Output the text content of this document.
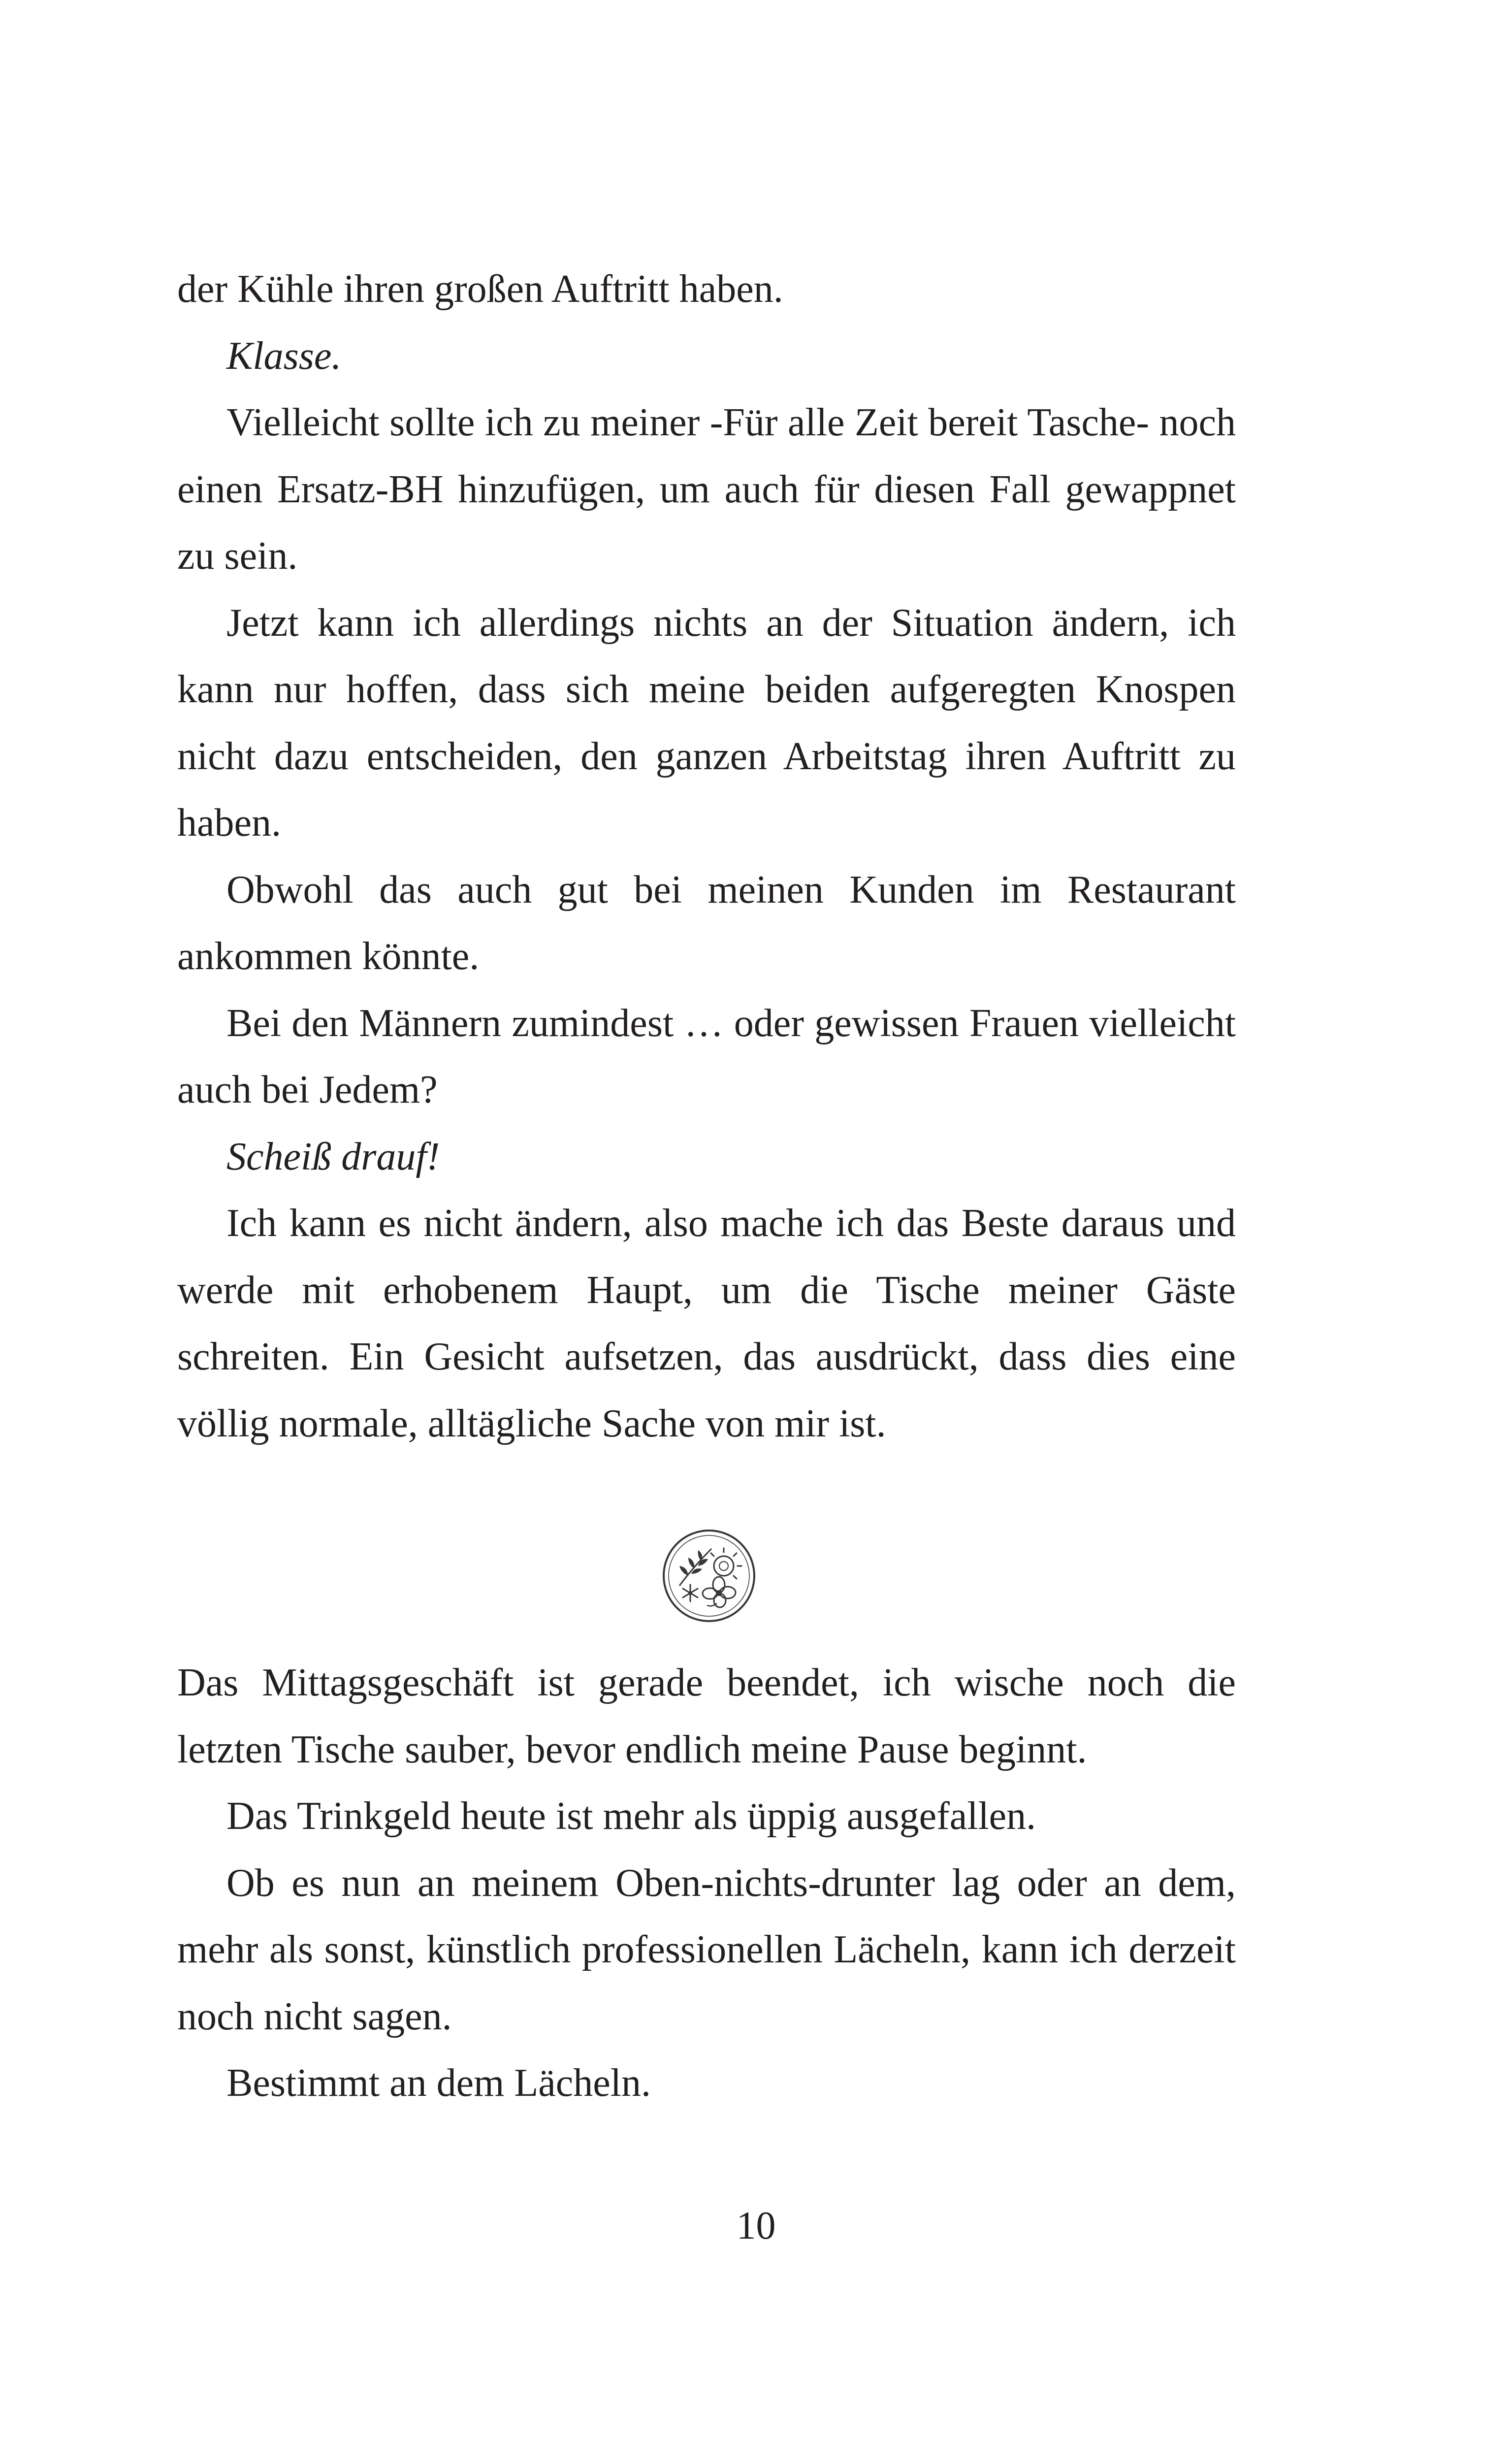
der Kühle ihren großen Auftritt haben.

Klasse.

Vielleicht sollte ich zu meiner -Für alle Zeit bereit Tasche- noch einen Ersatz-BH hinzufügen, um auch für diesen Fall gewappnet zu sein.

Jetzt kann ich allerdings nichts an der Situation ändern, ich kann nur hoffen, dass sich meine beiden aufgeregten Knospen nicht dazu entscheiden, den ganzen Arbeitstag ihren Auftritt zu haben.

Obwohl das auch gut bei meinen Kunden im Restaurant ankommen könnte.

Bei den Männern zumindest … oder gewissen Frauen vielleicht auch bei Jedem?

Scheiß drauf!

Ich kann es nicht ändern, also mache ich das Beste daraus und werde mit erhobenem Haupt, um die Tische meiner Gäste schreiten. Ein Gesicht aufsetzen, das ausdrückt, dass dies eine völlig normale, alltägliche Sache von mir ist.

Das Mittagsgeschäft ist gerade beendet, ich wische noch die letzten Tische sauber, bevor endlich meine Pause beginnt.

Das Trinkgeld heute ist mehr als üppig ausgefallen.

Ob es nun an meinem Oben-nichts-drunter lag oder an dem, mehr als sonst, künstlich professionellen Lächeln, kann ich derzeit noch nicht sagen.

Bestimmt an dem Lächeln.

10
